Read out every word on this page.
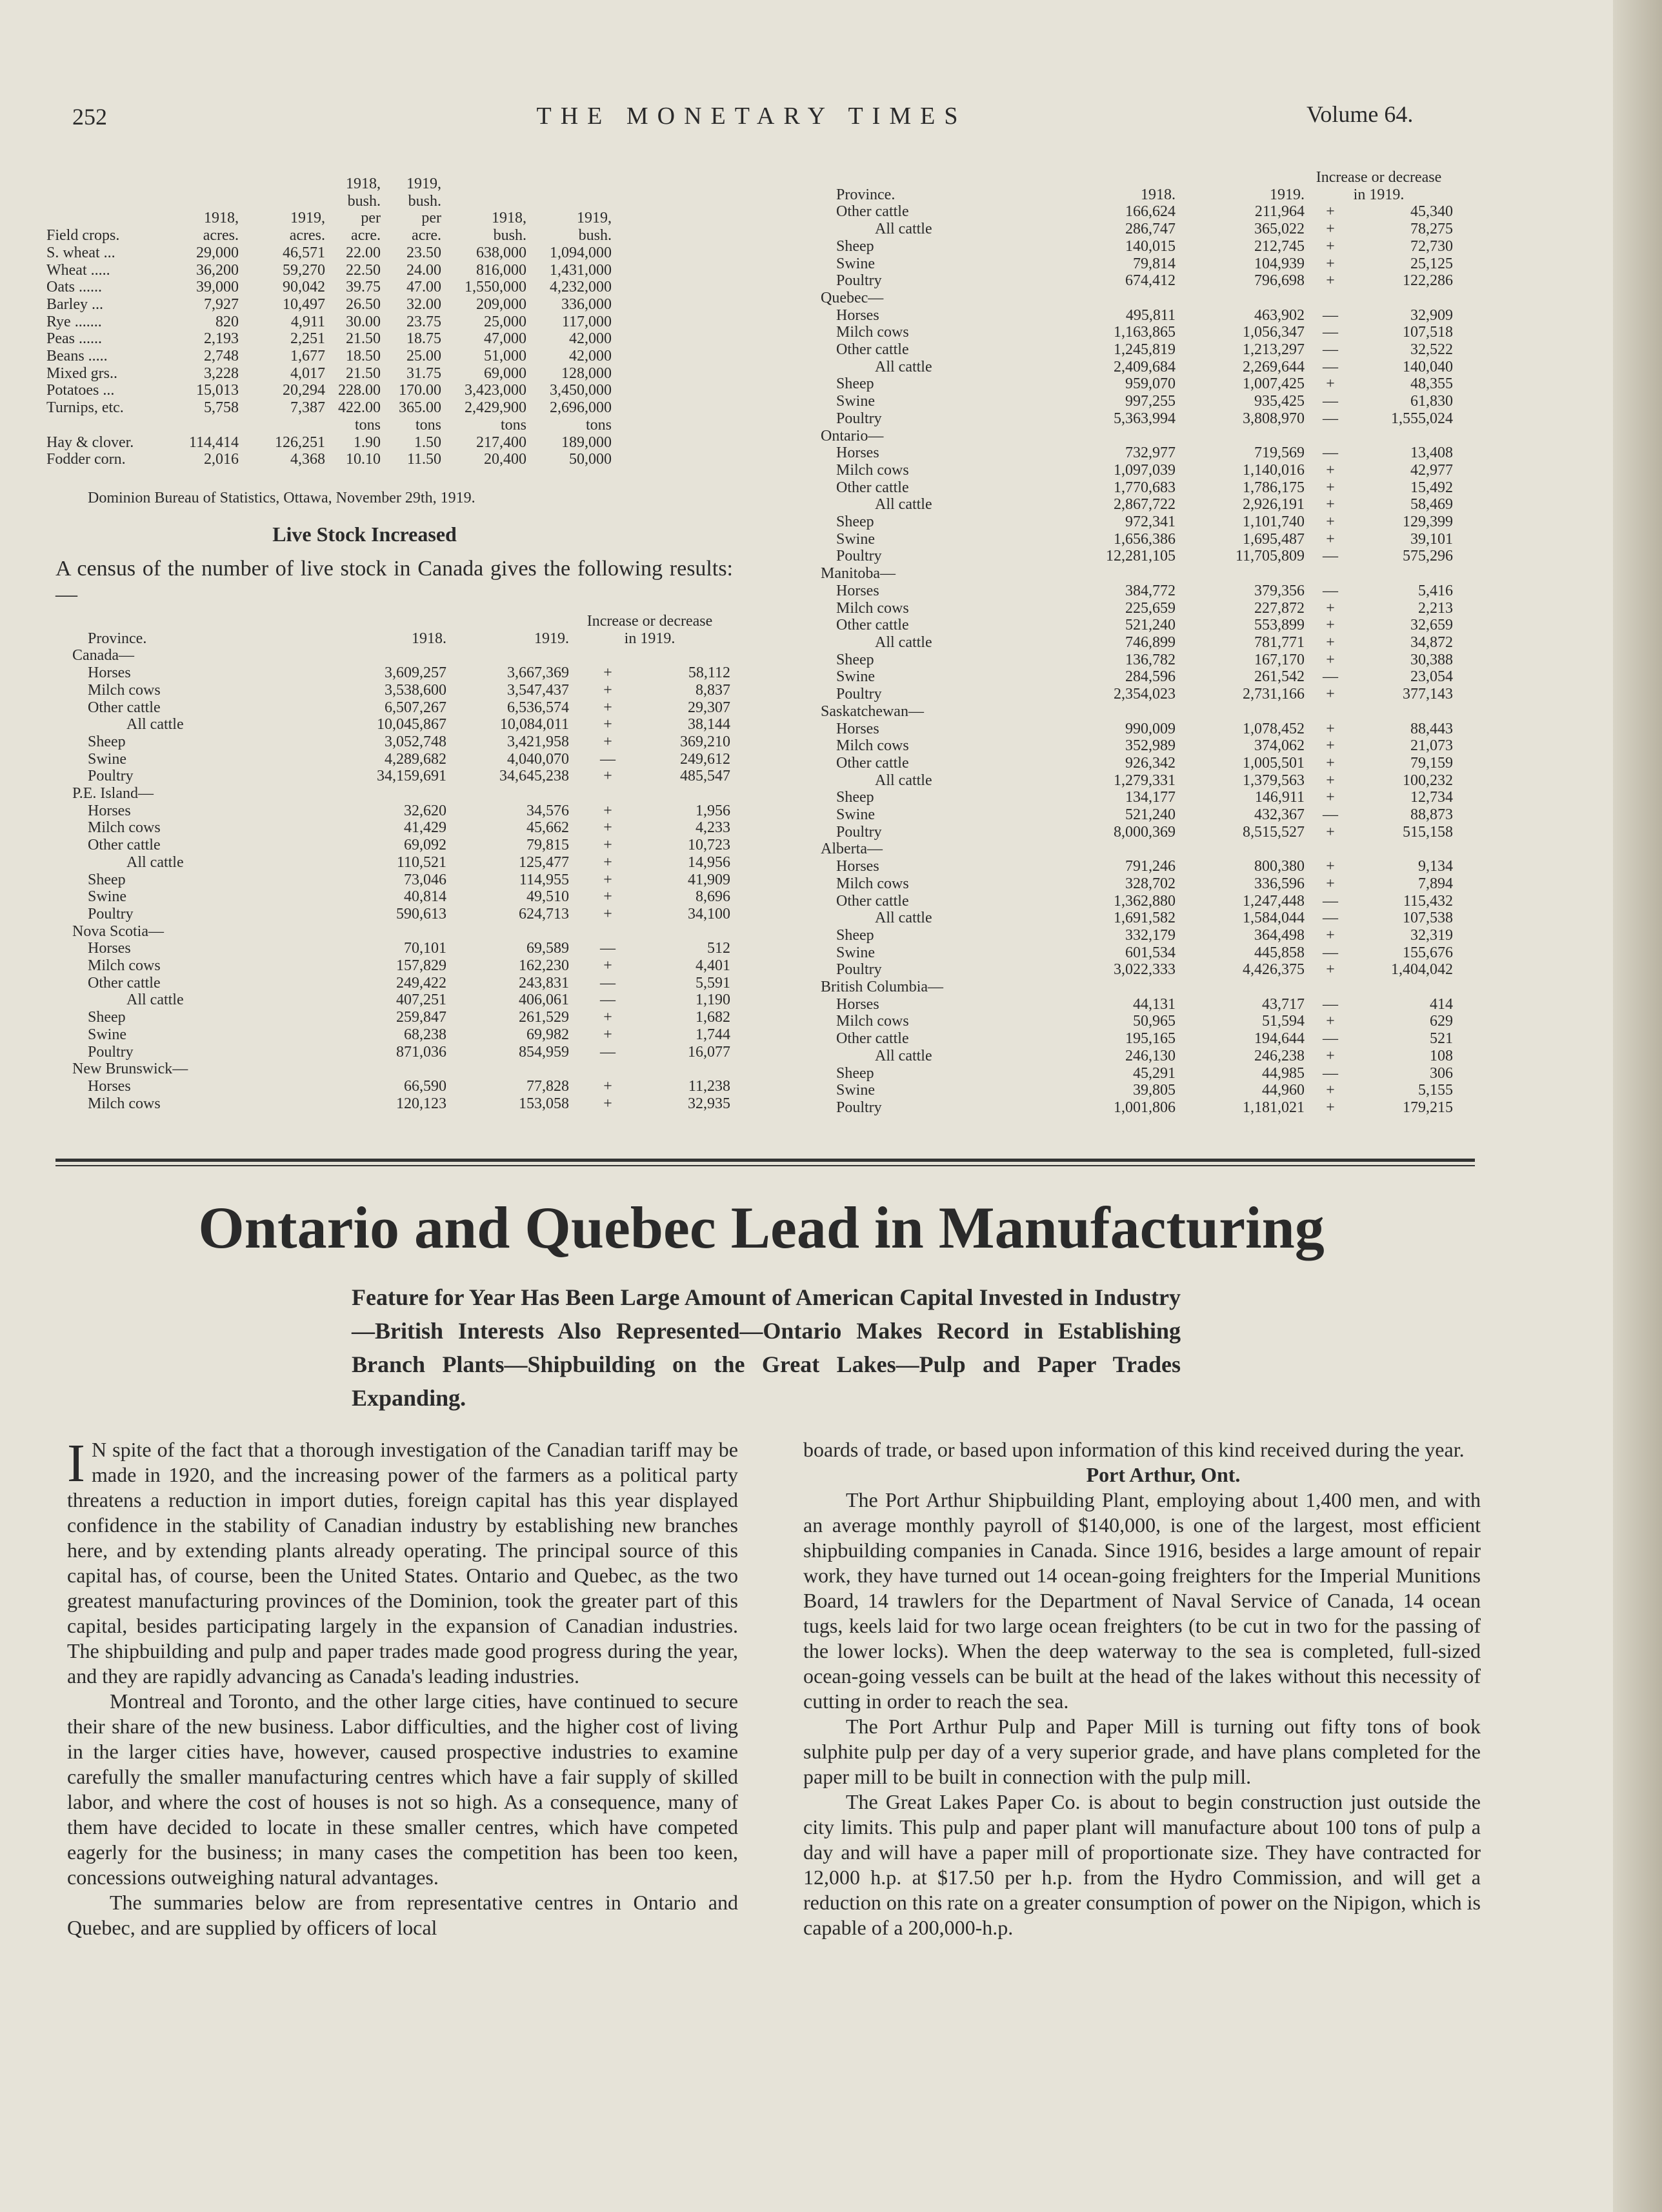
252	THE MONETARY TIMES	Volume 64.
			1918,	1919,		
			bush.	bush.		
	1918,	1919,	per	per	1918,	1919,
Field crops.	acres.	acres.	acre.	acre.	bush.	bush.
S. wheat ...	29,000	46,571	22.00	23.50	638,000	1,094,000
Wheat .....	36,200	59,270	22.50	24.00	816,000	1,431,000
Oats ......	39,000	90,042	39.75	47.00	1,550,000	4,232,000
Barley ...	7,927	10,497	26.50	32.00	209,000	336,000
Rye .......	820	4,911	30.00	23.75	25,000	117,000
Peas ......	2,193	2,251	21.50	18.75	47,000	42,000
Beans .....	2,748	1,677	18.50	25.00	51,000	42,000
Mixed grs..	3,228	4,017	21.50	31.75	69,000	128,000
Potatoes ...	15,013	20,294	228.00	170.00	3,423,000	3,450,000
Turnips, etc.	5,758	7,387	422.00	365.00	2,429,900	2,696,000
			tons	tons	tons	tons
Hay & clover.	114,414	126,251	1.90	1.50	217,400	189,000
Fodder corn.	2,016	4,368	10.10	11.50	20,400	50,000
Dominion Bureau of Statistics, Ottawa, November 29th, 1919.
Live Stock Increased
A census of the number of live stock in Canada gives the following results:—
			Increase or decrease	
Province.	1918.	1919.	in 1919.	
Canada—				
Horses	3,609,257	3,667,369	+	58,112
Milch cows	3,538,600	3,547,437	+	8,837
Other cattle	6,507,267	6,536,574	+	29,307
All cattle	10,045,867	10,084,011	+	38,144
Sheep	3,052,748	3,421,958	+	369,210
Swine	4,289,682	4,040,070	—	249,612
Poultry	34,159,691	34,645,238	+	485,547
P.E. Island—				
Horses	32,620	34,576	+	1,956
Milch cows	41,429	45,662	+	4,233
Other cattle	69,092	79,815	+	10,723
All cattle	110,521	125,477	+	14,956
Sheep	73,046	114,955	+	41,909
Swine	40,814	49,510	+	8,696
Poultry	590,613	624,713	+	34,100
Nova Scotia—				
Horses	70,101	69,589	—	512
Milch cows	157,829	162,230	+	4,401
Other cattle	249,422	243,831	—	5,591
All cattle	407,251	406,061	—	1,190
Sheep	259,847	261,529	+	1,682
Swine	68,238	69,982	+	1,744
Poultry	871,036	854,959	—	16,077
New Brunswick—				
Horses	66,590	77,828	+	11,238
Milch cows	120,123	153,058	+	32,935
			Increase or decrease	
Province.	1918.	1919.	in 1919.	
Other cattle	166,624	211,964	+	45,340
All cattle	286,747	365,022	+	78,275
Sheep	140,015	212,745	+	72,730
Swine	79,814	104,939	+	25,125
Poultry	674,412	796,698	+	122,286
Quebec—				
Horses	495,811	463,902	—	32,909
Milch cows	1,163,865	1,056,347	—	107,518
Other cattle	1,245,819	1,213,297	—	32,522
All cattle	2,409,684	2,269,644	—	140,040
Sheep	959,070	1,007,425	+	48,355
Swine	997,255	935,425	—	61,830
Poultry	5,363,994	3,808,970	—	1,555,024
Ontario—				
Horses	732,977	719,569	—	13,408
Milch cows	1,097,039	1,140,016	+	42,977
Other cattle	1,770,683	1,786,175	+	15,492
All cattle	2,867,722	2,926,191	+	58,469
Sheep	972,341	1,101,740	+	129,399
Swine	1,656,386	1,695,487	+	39,101
Poultry	12,281,105	11,705,809	—	575,296
Manitoba—				
Horses	384,772	379,356	—	5,416
Milch cows	225,659	227,872	+	2,213
Other cattle	521,240	553,899	+	32,659
All cattle	746,899	781,771	+	34,872
Sheep	136,782	167,170	+	30,388
Swine	284,596	261,542	—	23,054
Poultry	2,354,023	2,731,166	+	377,143
Saskatchewan—				
Horses	990,009	1,078,452	+	88,443
Milch cows	352,989	374,062	+	21,073
Other cattle	926,342	1,005,501	+	79,159
All cattle	1,279,331	1,379,563	+	100,232
Sheep	134,177	146,911	+	12,734
Swine	521,240	432,367	—	88,873
Poultry	8,000,369	8,515,527	+	515,158
Alberta—				
Horses	791,246	800,380	+	9,134
Milch cows	328,702	336,596	+	7,894
Other cattle	1,362,880	1,247,448	—	115,432
All cattle	1,691,582	1,584,044	—	107,538
Sheep	332,179	364,498	+	32,319
Swine	601,534	445,858	—	155,676
Poultry	3,022,333	4,426,375	+	1,404,042
British Columbia—				
Horses	44,131	43,717	—	414
Milch cows	50,965	51,594	+	629
Other cattle	195,165	194,644	—	521
All cattle	246,130	246,238	+	108
Sheep	45,291	44,985	—	306
Swine	39,805	44,960	+	5,155
Poultry	1,001,806	1,181,021	+	179,215
Ontario and Quebec Lead in Manufacturing
Feature for Year Has Been Large Amount of American Capital Invested in Industry—British Interests Also Represented—Ontario Makes Record in Establishing Branch Plants—Shipbuilding on the Great Lakes—Pulp and Paper Trades Expanding.

I N spite of the fact that a thorough investigation of the Canadian tariff may be made in 1920, and the increasing power of the farmers as a political party threatens a reduction in import duties, foreign capital has this year displayed confidence in the stability of Canadian industry by establishing new branches here, and by extending plants already operating. The principal source of this capital has, of course, been the United States. Ontario and Quebec, as the two greatest manufacturing provinces of the Dominion, took the greater part of this capital, besides participating largely in the expansion of Canadian industries. The shipbuilding and pulp and paper trades made good progress during the year, and they are rapidly advancing as Canada's leading industries.

Montreal and Toronto, and the other large cities, have continued to secure their share of the new business. Labor difficulties, and the higher cost of living in the larger cities have, however, caused prospective industries to examine carefully the smaller manufacturing centres which have a fair supply of skilled labor, and where the cost of houses is not so high. As a consequence, many of them have decided to locate in these smaller centres, which have competed eagerly for the business; in many cases the competition has been too keen, concessions outweighing natural advantages.

The summaries below are from representative centres in Ontario and Quebec, and are supplied by officers of local

boards of trade, or based upon information of this kind received during the year.

Port Arthur, Ont.

The Port Arthur Shipbuilding Plant, employing about 1,400 men, and with an average monthly payroll of $140,000, is one of the largest, most efficient shipbuilding companies in Canada. Since 1916, besides a large amount of repair work, they have turned out 14 ocean-going freighters for the Imperial Munitions Board, 14 trawlers for the Department of Naval Service of Canada, 14 ocean tugs, keels laid for two large ocean freighters (to be cut in two for the passing of the lower locks). When the deep waterway to the sea is completed, full-sized ocean-going vessels can be built at the head of the lakes without this necessity of cutting in order to reach the sea.

The Port Arthur Pulp and Paper Mill is turning out fifty tons of book sulphite pulp per day of a very superior grade, and have plans completed for the paper mill to be built in connection with the pulp mill.

The Great Lakes Paper Co. is about to begin construction just outside the city limits. This pulp and paper plant will manufacture about 100 tons of pulp a day and will have a paper mill of proportionate size. They have contracted for 12,000 h.p. at $17.50 per h.p. from the Hydro Commission, and will get a reduction on this rate on a greater consumption of power on the Nipigon, which is capable of a 200,000-h.p.
